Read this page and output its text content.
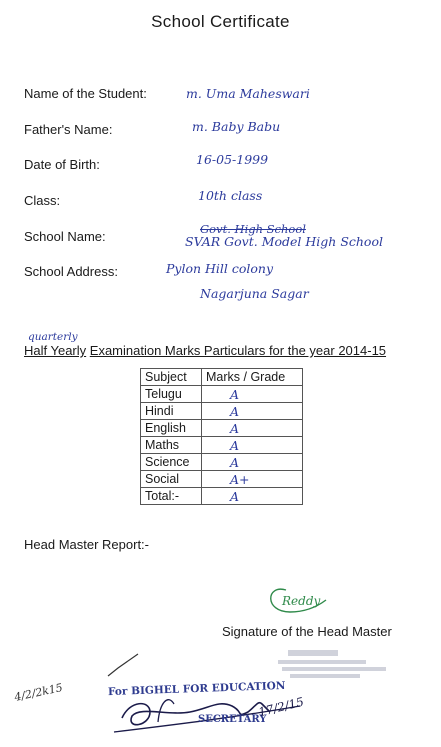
School Certificate
Name of the Student:	m. Uma Maheswari
Father's Name:	m. Baby Babu
Date of Birth:	16-05-1999
Class:	10th class
School Name:	Govt. High School
SVAR Govt. Model High School
School Address:	Pylon Hill colony
Nagarjuna Sagar
quarterly
Half Yearly Examination Marks Particulars for the year 2014-15
Subject	Marks / Grade
Telugu	A
Hindi	A
English	A
Maths	A
Science	A
Social	A+
Total:-	A
Head Master Report:-
Reddy
Signature of the Head Master
For BIGHEL FOR EDUCATION
SECRETARY
4/2/2k15
17/2/15
